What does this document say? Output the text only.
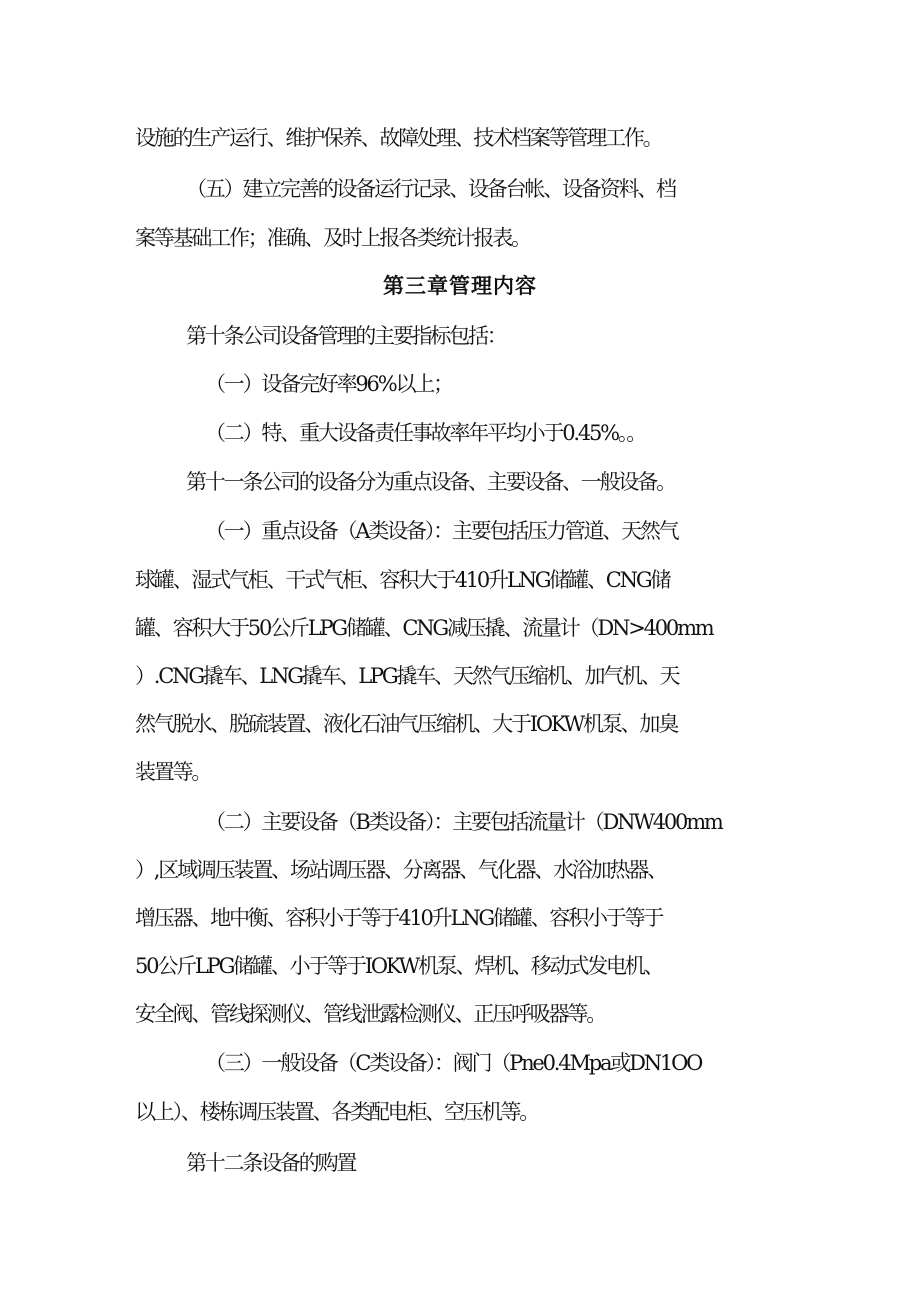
设施的生产运行、维护保养、故障处理、技术档案等管理工作。
（五）建立完善的设备运行记录、设备台帐、设备资料、档
案等基础工作；准确、及时上报各类统计报表。
第三章管理内容
第十条公司设备管理的主要指标包括：
（一）设备完好率96%以上；
（二）特、重大设备责任事故率年平均小于0.45%。。
第十一条公司的设备分为重点设备、主要设备、一般设备。
（一）重点设备（A类设备）：主要包括压力管道、天然气
球罐、湿式气柜、干式气柜、容积大于410升LNG储罐、CNG储
罐、容积大于50公斤LPG储罐、CNG减压撬、流量计（DN>400mm
）.CNG撬车、LNG撬车、LPG撬车、天然气压缩机、加气机、天
然气脱水、脱硫装置、液化石油气压缩机、大于IOKW机泵、加臭
装置等。
（二）主要设备（B类设备）：主要包括流量计（DNW400mm
）,区域调压装置、场站调压器、分离器、气化器、水浴加热器、
增压器、地中衡、容积小于等于410升LNG储罐、容积小于等于
50公斤LPG储罐、小于等于IOKW机泵、焊机、移动式发电机、
安全阀、管线探测仪、管线泄露检测仪、正压呼吸器等。
（三）一般设备（C类设备）：阀门（Pne0.4Mpa或DN1OO
以上）、楼栋调压装置、各类配电柜、空压机等。
第十二条设备的购置
